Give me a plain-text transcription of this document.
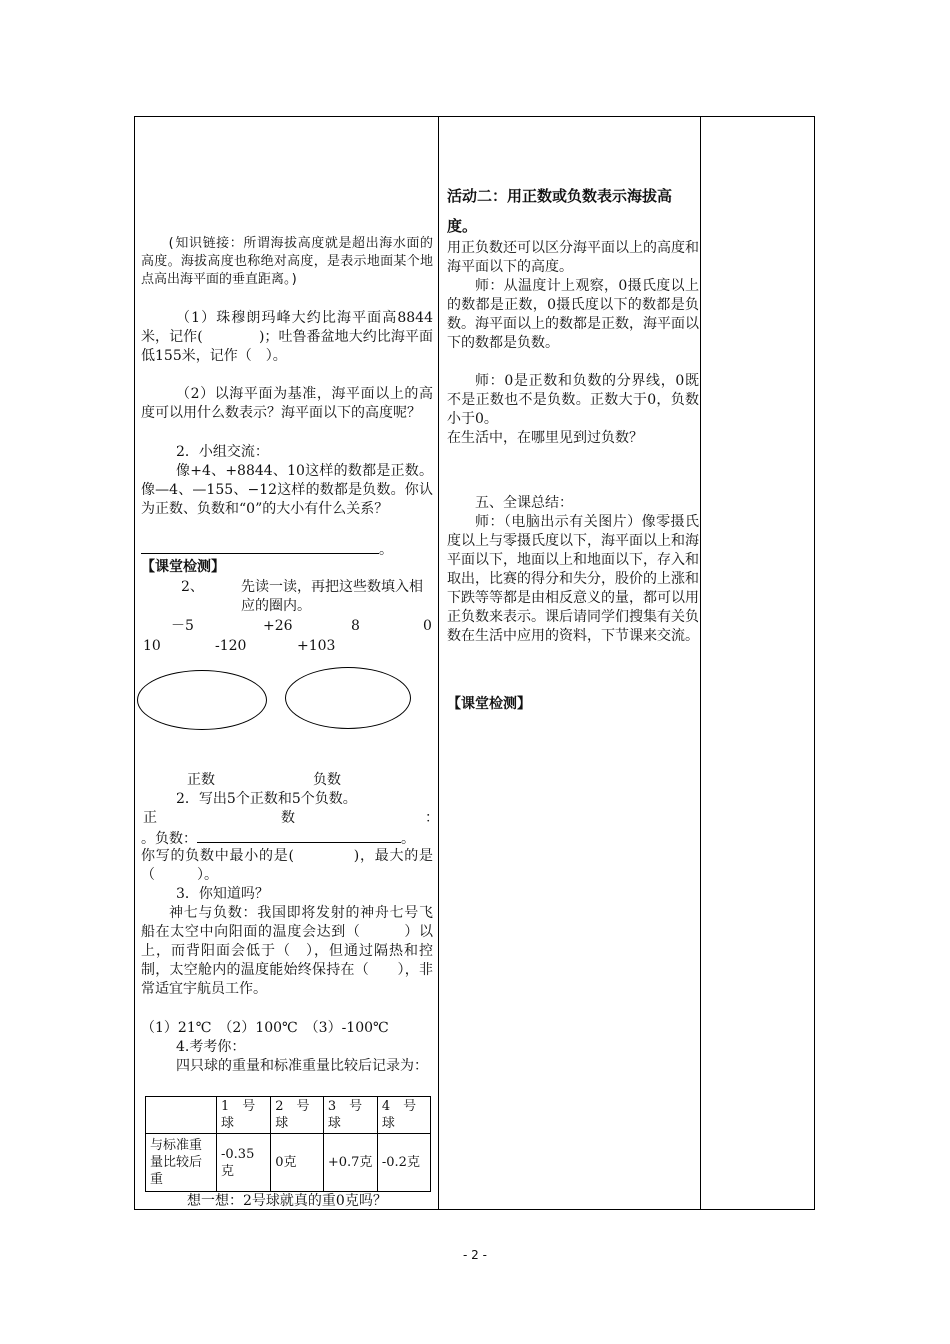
(知识链接：所谓海拔高度就是超出海水面的高度。海拔高度也称绝对高度，是表示地面某个地点高出海平面的垂直距离。)

（1）珠穆朗玛峰大约比海平面高8844米，记作(　　　　)；吐鲁番盆地大约比海平面低155米，记作（　）。

（2）以海平面为基准，海平面以上的高度可以用什么数表示？海平面以下的高度呢？

2．小组交流：

像+4、+8844、10这样的数都是正数。像—4、—155、−12这样的数都是负数。你认为正数、负数和“0”的大小有什么关系？

。

【课堂检测】

2、	先读一读，再把这些数填入相应的圈内。

－5	+26	8	0
10	-120	+103
正数	负数

2．写出5个正数和5个负数。

正	数	：
。负数：	。

你写的负数中最小的是(　　　　)，最大的是（　　　）。

3．你知道吗？

神七与负数：我国即将发射的神舟七号飞船在太空中向阳面的温度会达到（　　　）以上，而背阳面会低于（　），但通过隔热和控制，太空舱内的温度能始终保持在（　　），非常适宜宇航员工作。

（1）21℃　（2）100℃　（3）-100℃

4.考考你：

四只球的重量和标准重量比较后记录为：

	1　号球	2　号球	3　号球	4　号球
与标准重量比较后重	-0.35克	0克	+0.7克	-0.2克

想一想：2号球就真的重0克吗？

活动二：用正数或负数表示海拔高度。

用正负数还可以区分海平面以上的高度和海平面以下的高度。

师：从温度计上观察，0摄氏度以上的数都是正数，0摄氏度以下的数都是负数。海平面以上的数都是正数，海平面以下的数都是负数。

师：0是正数和负数的分界线，0既不是正数也不是负数。正数大于0，负数小于0。

在生活中，在哪里见到过负数？

五、全课总结：

师：（电脑出示有关图片）像零摄氏度以上与零摄氏度以下，海平面以上和海平面以下，地面以上和地面以下，存入和取出，比赛的得分和失分，股价的上涨和下跌等等都是由相反意义的量，都可以用正负数来表示。课后请同学们搜集有关负数在生活中应用的资料，下节课来交流。

【课堂检测】

- 2 -
